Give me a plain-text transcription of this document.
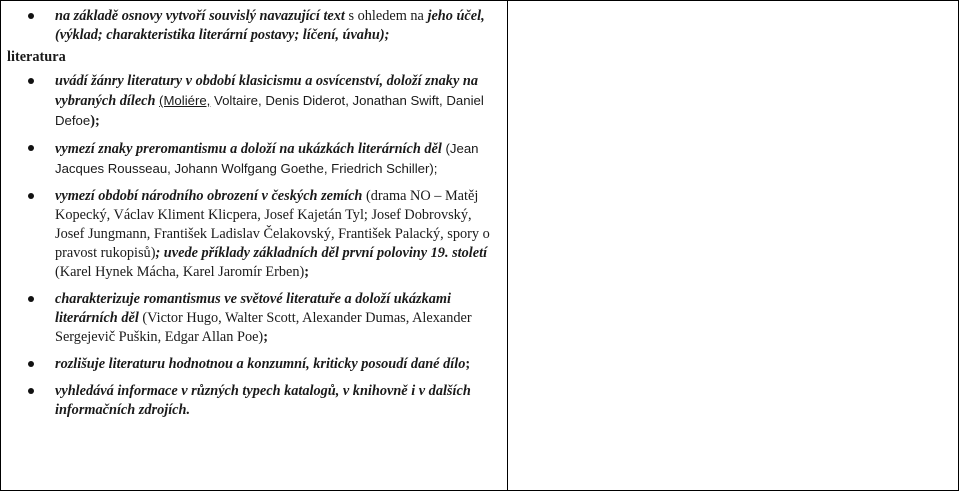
na základě osnovy vytvoří souvislý navazující text s ohledem na jeho účel, (výklad; charakteristika literární postavy; líčení, úvahu);
literatura
uvádí žánry literatury v období klasicismu a osvícenství, doloží znaky na vybraných dílech (Moliére, Voltaire, Denis Diderot, Jonathan Swift, Daniel Defoe);
vymezí znaky preromantismu a doloží na ukázkách literárních děl (Jean Jacques Rousseau, Johann Wolfgang Goethe, Friedrich Schiller);
vymezí období národního obrození v českých zemích (drama NO – Matěj Kopecký, Václav Kliment Klicpera, Josef Kajetán Tyl; Josef Dobrovský, Josef Jungmann, František Ladislav Čelakovský, František Palacký, spory o pravost rukopisů); uvede příklady základních děl první poloviny 19. století (Karel Hynek Mácha, Karel Jaromír Erben);
charakterizuje romantismus ve světové literatuře a doloží ukázkami literárních děl (Victor Hugo, Walter Scott, Alexander Dumas, Alexander Sergejevič Puškin, Edgar Allan Poe);
rozlišuje literaturu hodnotnou a konzumní, kriticky posoudí dané dílo;
vyhledává informace v různých typech katalogů, v knihovně i v dalších informačních zdrojích.
